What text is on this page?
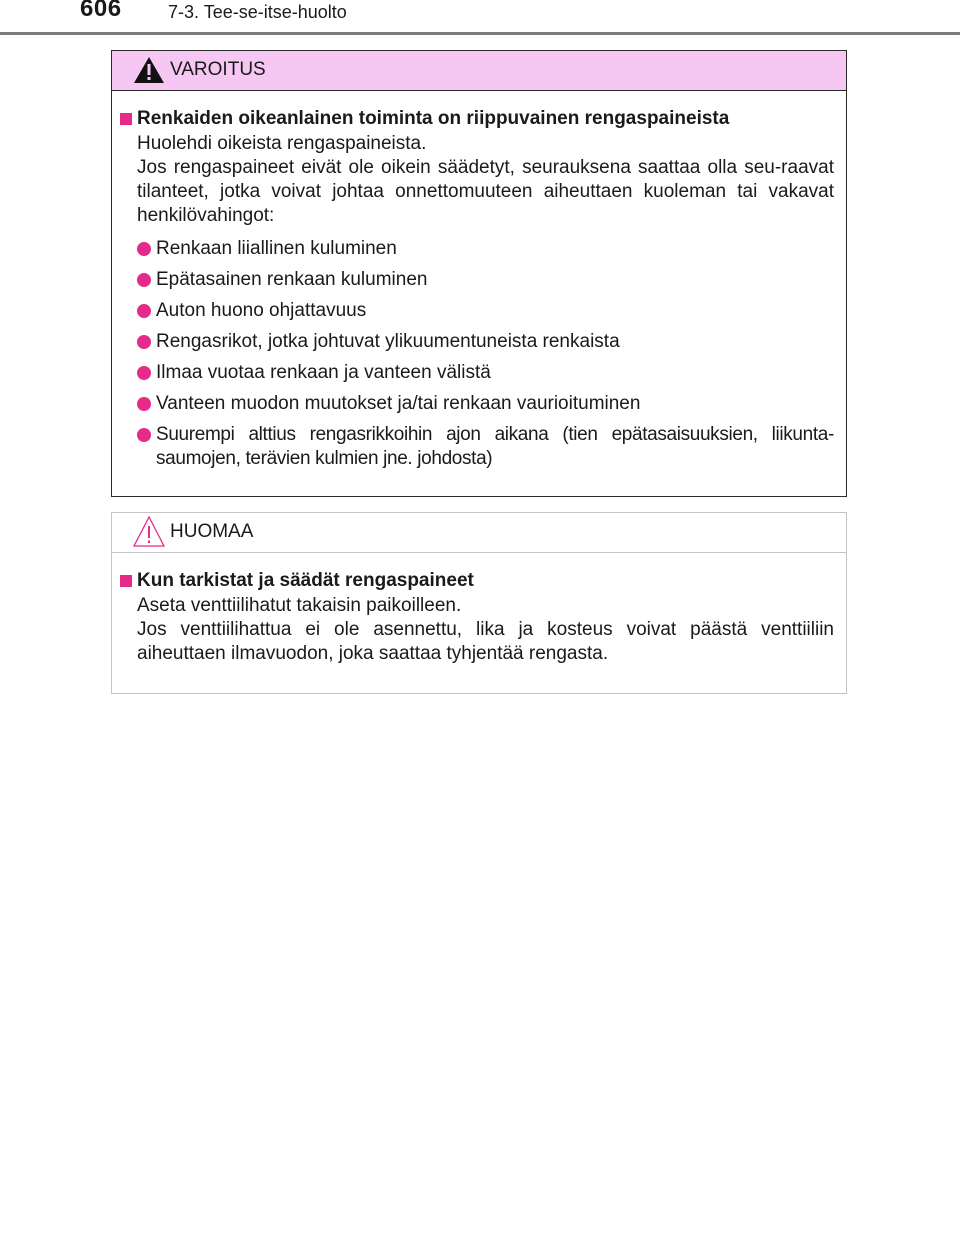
606	7-3. Tee-se-itse-huolto
VAROITUS
Renkaiden oikeanlainen toiminta on riippuvainen rengaspaineista
Huolehdi oikeista rengaspaineista.
Jos rengaspaineet eivät ole oikein säädetyt, seurauksena saattaa olla seu-raavat tilanteet, jotka voivat johtaa onnettomuuteen aiheuttaen kuoleman tai vakavat henkilövahingot:
Renkaan liiallinen kuluminen
Epätasainen renkaan kuluminen
Auton huono ohjattavuus
Rengasrikot, jotka johtuvat ylikuumentuneista renkaista
Ilmaa vuotaa renkaan ja vanteen välistä
Vanteen muodon muutokset ja/tai renkaan vaurioituminen
Suurempi alttius rengasrikkoihin ajon aikana (tien epätasaisuuksien, liikunta-saumojen, terävien kulmien jne. johdosta)
HUOMAA
Kun tarkistat ja säädät rengaspaineet
Aseta venttiilihatut takaisin paikoilleen.
Jos venttiilihattua ei ole asennettu, lika ja kosteus voivat päästä venttiiliin aiheuttaen ilmavuodon, joka saattaa tyhjentää rengasta.
